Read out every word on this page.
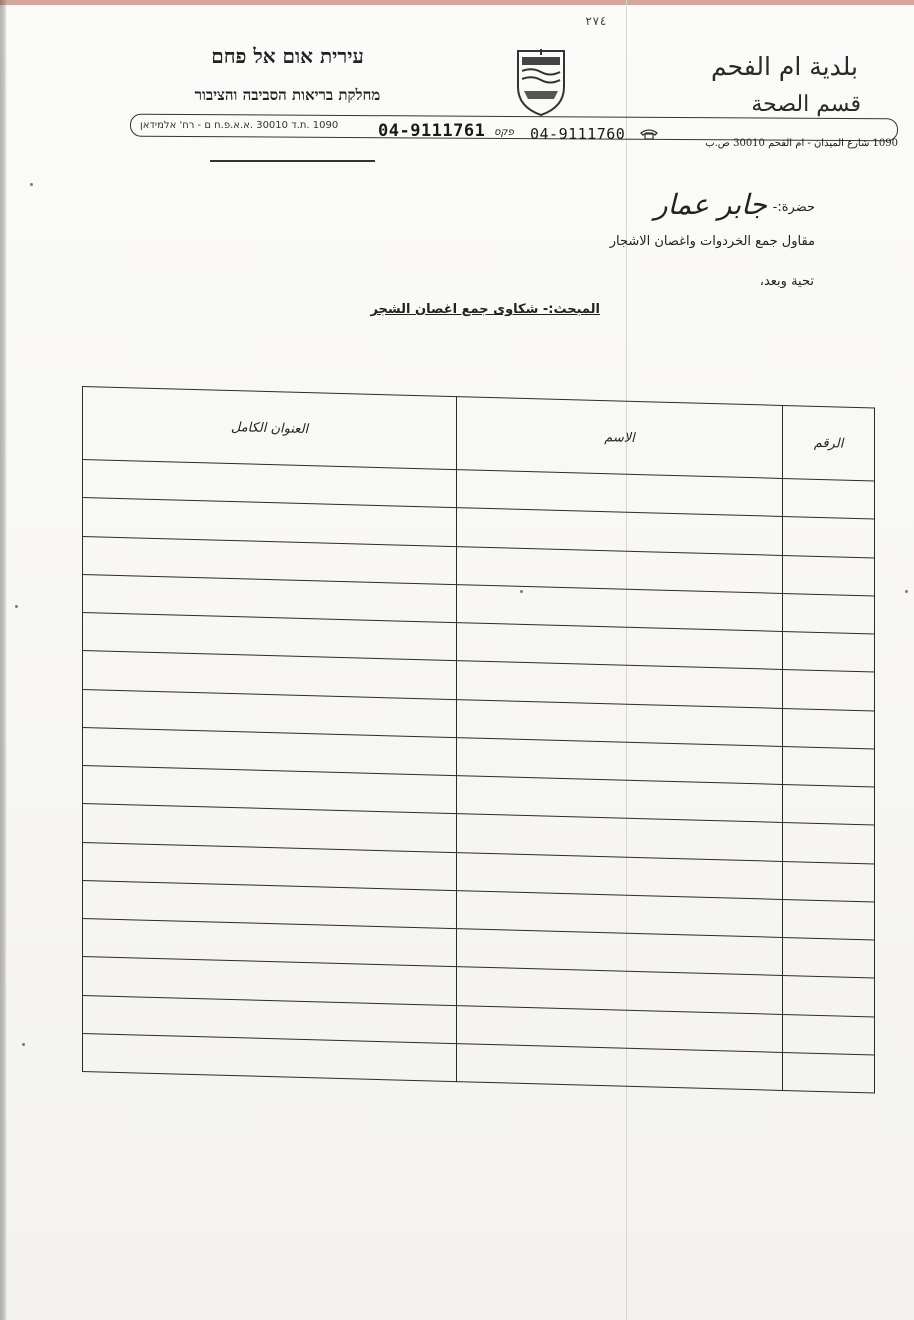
٢٧٤
עירית אום אל פחם
מחלקת בריאות הסביבה והציבור
بلدية ام الفحم
قسم الصحة
1090 .ת.ד 30010 .א.א.פ.ח ם - רח' אלמידאן	04-9111761 פקס 04-9111760
1090 شارع الميدان - ام الفحم 30010 ص.ب
حضرة:-
جابر عمار
مقاول جمع الخردوات واغصان الاشجار
تحية وبعد،
المبحث:- شكاوى جمع اغصان الشجر
الرقم	الاسم	العنوان الكامل
